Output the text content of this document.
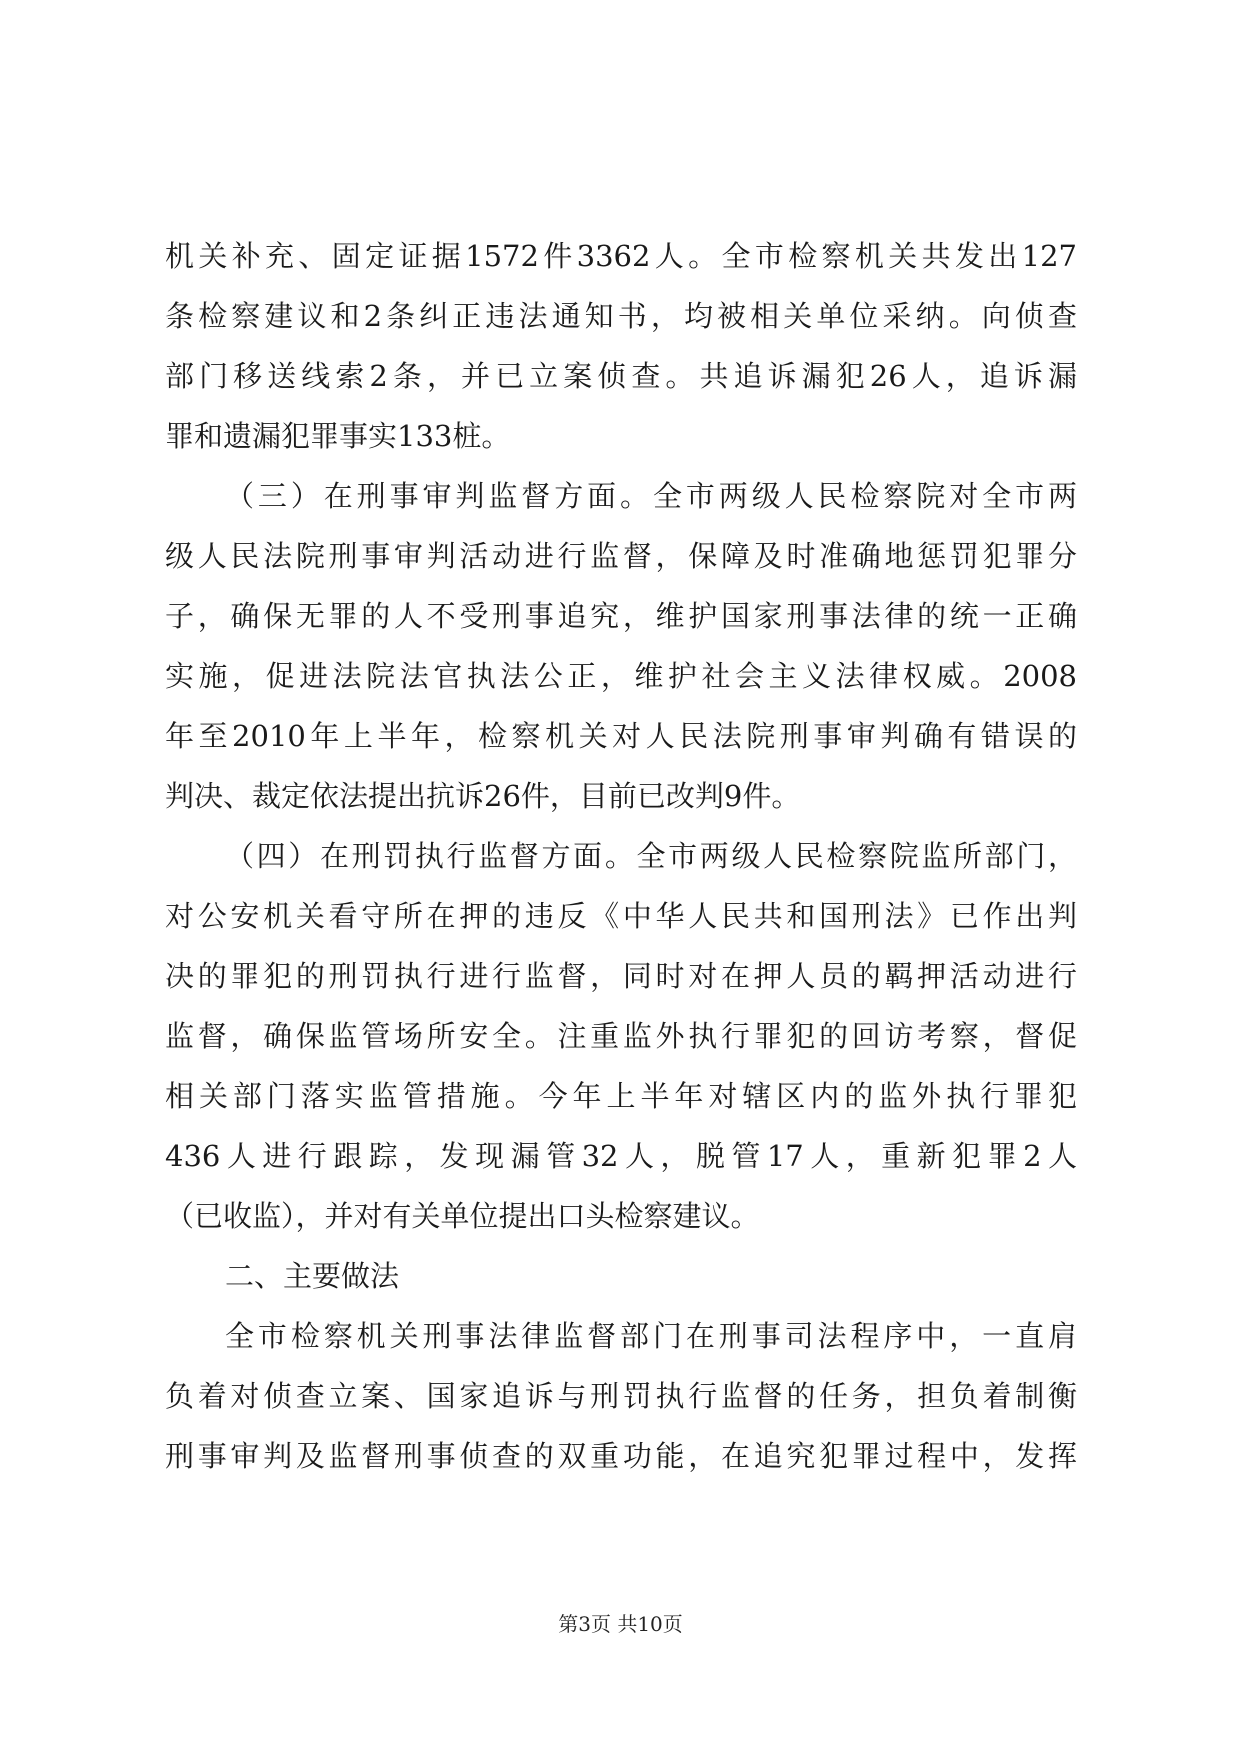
机关补充、固定证据1572件3362人。全市检察机关共发出127
条检察建议和2条纠正违法通知书，均被相关单位采纳。向侦查
部门移送线索2条，并已立案侦查。共追诉漏犯26人，追诉漏
罪和遗漏犯罪事实133桩。
（三）在刑事审判监督方面。全市两级人民检察院对全市两
级人民法院刑事审判活动进行监督，保障及时准确地惩罚犯罪分
子，确保无罪的人不受刑事追究，维护国家刑事法律的统一正确
实施，促进法院法官执法公正，维护社会主义法律权威。2008
年至2010年上半年，检察机关对人民法院刑事审判确有错误的
判决、裁定依法提出抗诉26件，目前已改判9件。
（四）在刑罚执行监督方面。全市两级人民检察院监所部门，
对公安机关看守所在押的违反《中华人民共和国刑法》已作出判
决的罪犯的刑罚执行进行监督，同时对在押人员的羁押活动进行
监督，确保监管场所安全。注重监外执行罪犯的回访考察，督促
相关部门落实监管措施。今年上半年对辖区内的监外执行罪犯
436人进行跟踪，发现漏管32人，脱管17人，重新犯罪2人
（已收监），并对有关单位提出口头检察建议。
二、主要做法
全市检察机关刑事法律监督部门在刑事司法程序中，一直肩
负着对侦查立案、国家追诉与刑罚执行监督的任务，担负着制衡
刑事审判及监督刑事侦查的双重功能，在追究犯罪过程中，发挥
第3页 共10页
